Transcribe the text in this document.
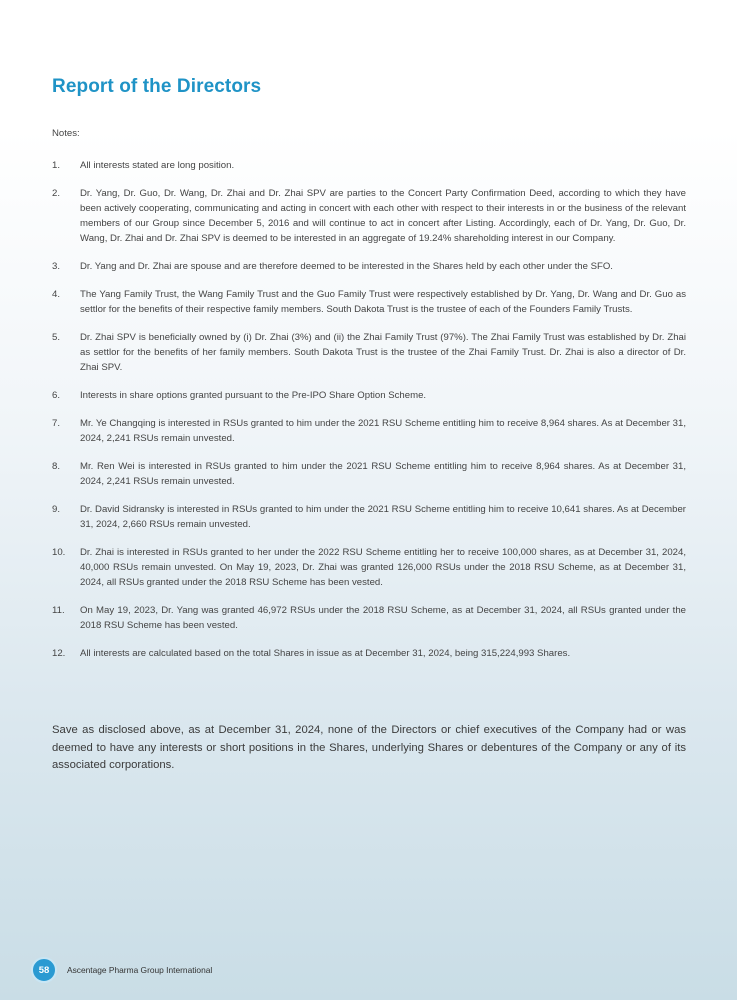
Report of the Directors
Notes:
1. All interests stated are long position.
2. Dr. Yang, Dr. Guo, Dr. Wang, Dr. Zhai and Dr. Zhai SPV are parties to the Concert Party Confirmation Deed, according to which they have been actively cooperating, communicating and acting in concert with each other with respect to their interests in or the business of the relevant members of our Group since December 5, 2016 and will continue to act in concert after Listing. Accordingly, each of Dr. Yang, Dr. Guo, Dr. Wang, Dr. Zhai and Dr. Zhai SPV is deemed to be interested in an aggregate of 19.24% shareholding interest in our Company.
3. Dr. Yang and Dr. Zhai are spouse and are therefore deemed to be interested in the Shares held by each other under the SFO.
4. The Yang Family Trust, the Wang Family Trust and the Guo Family Trust were respectively established by Dr. Yang, Dr. Wang and Dr. Guo as settlor for the benefits of their respective family members. South Dakota Trust is the trustee of each of the Founders Family Trusts.
5. Dr. Zhai SPV is beneficially owned by (i) Dr. Zhai (3%) and (ii) the Zhai Family Trust (97%). The Zhai Family Trust was established by Dr. Zhai as settlor for the benefits of her family members. South Dakota Trust is the trustee of the Zhai Family Trust. Dr. Zhai is also a director of Dr. Zhai SPV.
6. Interests in share options granted pursuant to the Pre-IPO Share Option Scheme.
7. Mr. Ye Changqing is interested in RSUs granted to him under the 2021 RSU Scheme entitling him to receive 8,964 shares. As at December 31, 2024, 2,241 RSUs remain unvested.
8. Mr. Ren Wei is interested in RSUs granted to him under the 2021 RSU Scheme entitling him to receive 8,964 shares. As at December 31, 2024, 2,241 RSUs remain unvested.
9. Dr. David Sidransky is interested in RSUs granted to him under the 2021 RSU Scheme entitling him to receive 10,641 shares. As at December 31, 2024, 2,660 RSUs remain unvested.
10. Dr. Zhai is interested in RSUs granted to her under the 2022 RSU Scheme entitling her to receive 100,000 shares, as at December 31, 2024, 40,000 RSUs remain unvested. On May 19, 2023, Dr. Zhai was granted 126,000 RSUs under the 2018 RSU Scheme, as at December 31, 2024, all RSUs granted under the 2018 RSU Scheme has been vested.
11. On May 19, 2023, Dr. Yang was granted 46,972 RSUs under the 2018 RSU Scheme, as at December 31, 2024, all RSUs granted under the 2018 RSU Scheme has been vested.
12. All interests are calculated based on the total Shares in issue as at December 31, 2024, being 315,224,993 Shares.

Save as disclosed above, as at December 31, 2024, none of the Directors or chief executives of the Company had or was deemed to have any interests or short positions in the Shares, underlying Shares or debentures of the Company or any of its associated corporations.

58 Ascentage Pharma Group International
